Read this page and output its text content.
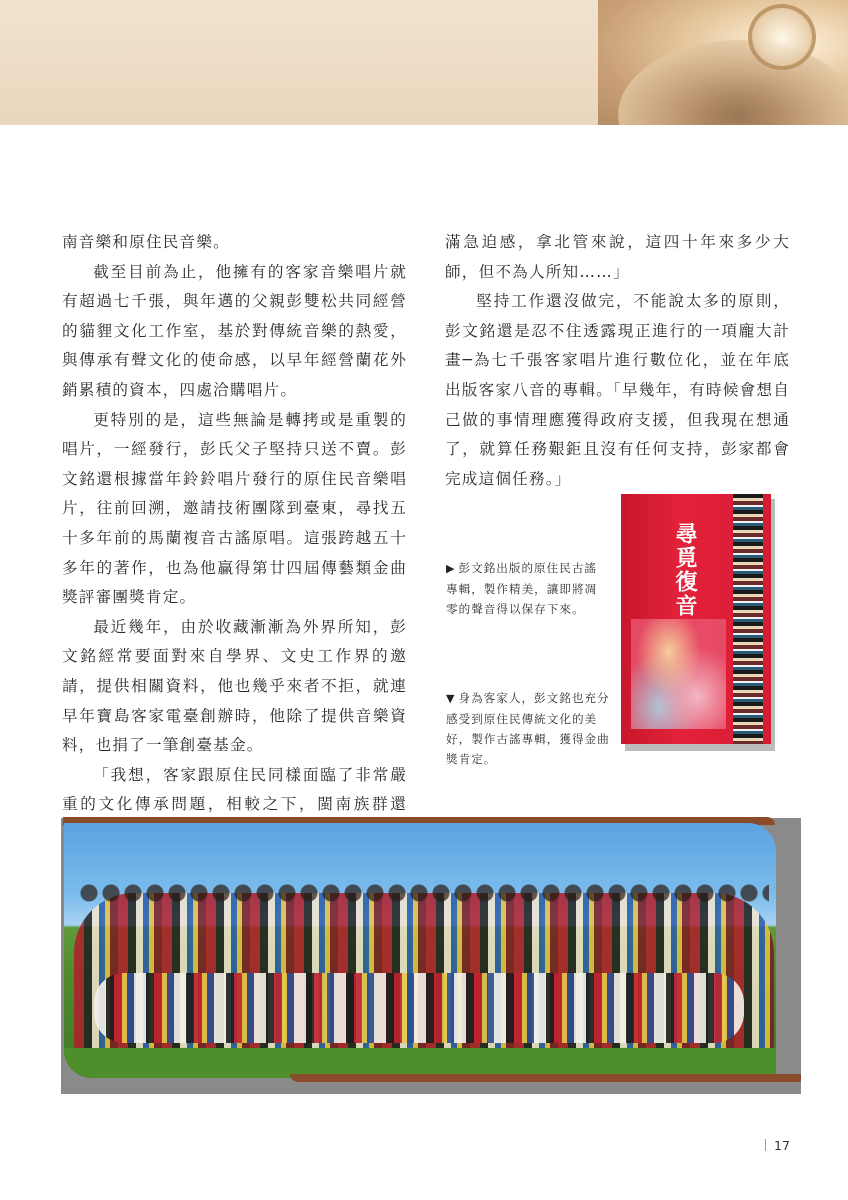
南音樂和原住民音樂。

截至目前為止，他擁有的客家音樂唱片就有超過七千張，與年邁的父親彭雙松共同經營的貓貍文化工作室，基於對傳統音樂的熱愛，與傳承有聲文化的使命感，以早年經營蘭花外銷累積的資本，四處洽購唱片。

更特別的是，這些無論是轉拷或是重製的唱片，一經發行，彭氏父子堅持只送不賣。彭文銘還根據當年鈴鈴唱片發行的原住民音樂唱片，往前回溯，邀請技術團隊到臺東，尋找五十多年前的馬蘭複音古謠原唱。這張跨越五十多年的著作，也為他贏得第廿四屆傳藝類金曲獎評審團獎肯定。

最近幾年，由於收藏漸漸為外界所知，彭文銘經常要面對來自學界、文史工作界的邀請，提供相關資料，他也幾乎來者不拒，就連早年寶島客家電臺創辦時，他除了提供音樂資料，也捐了一筆創臺基金。

「我想，客家跟原住民同樣面臨了非常嚴重的文化傳承問題，相較之下，閩南族群還

滿急迫感，拿北管來說，這四十年來多少大師，但不為人所知……」

堅持工作還沒做完，不能說太多的原則，彭文銘還是忍不住透露現正進行的一項龐大計畫─為七千張客家唱片進行數位化，並在年底出版客家八音的專輯。「早幾年，有時候會想自己做的事情理應獲得政府支援，但我現在想通了，就算任務艱鉅且沒有任何支持，彭家都會完成這個任務。」

尋覓復音
▶ 彭文銘出版的原住民古謠專輯，製作精美，讓即將凋零的聲音得以保存下來。
▼ 身為客家人，彭文銘也充分感受到原住民傳統文化的美好，製作古謠專輯，獲得金曲獎肯定。
17
